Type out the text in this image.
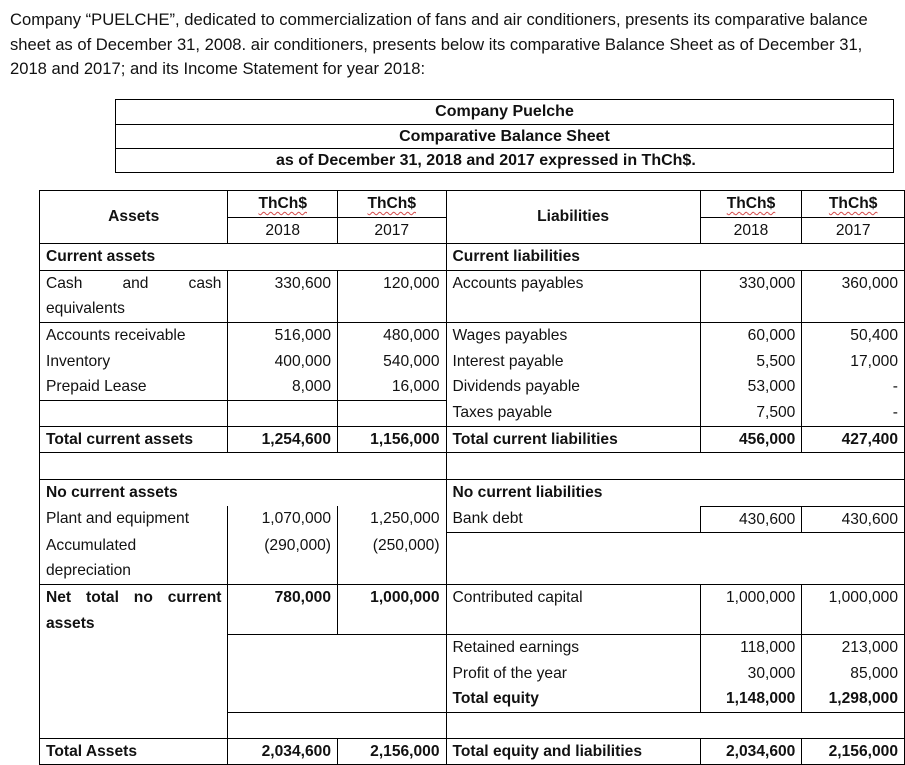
Company “PUELCHE”, dedicated to commercialization of fans and air conditioners, presents its comparative balance sheet as of December 31, 2008. air conditioners, presents below its comparative Balance Sheet as of December 31, 2018 and 2017; and its Income Statement for year 2018:
Company Puelche
Comparative Balance Sheet
as of December 31, 2018 and 2017 expressed in ThCh$.
Assets	ThCh$	ThCh$	Liabilities	ThCh$	ThCh$
	2018	2017		2018	2017
Current assets			Current liabilities		
Cash and cash equivalents	330,600	120,000	Accounts payables	330,000	360,000
Accounts receivable	516,000	480,000	Wages payables	60,000	50,400
Inventory	400,000	540,000	Interest payable	5,500	17,000
Prepaid Lease	8,000	16,000	Dividends payable	53,000	-
			Taxes payable	7,500	-
Total current assets	1,254,600	1,156,000	Total current liabilities	456,000	427,400

No current assets			No current liabilities		
Plant and equipment	1,070,000	1,250,000	Bank debt	430,600	430,600
Accumulated depreciation	(290,000)	(250,000)			
Net total no current assets	780,000	1,000,000	Contributed capital	1,000,000	1,000,000
			Retained earnings	118,000	213,000
			Profit of the year	30,000	85,000
			Total equity	1,148,000	1,298,000

Total Assets	2,034,600	2,156,000	Total equity and liabilities	2,034,600	2,156,000
